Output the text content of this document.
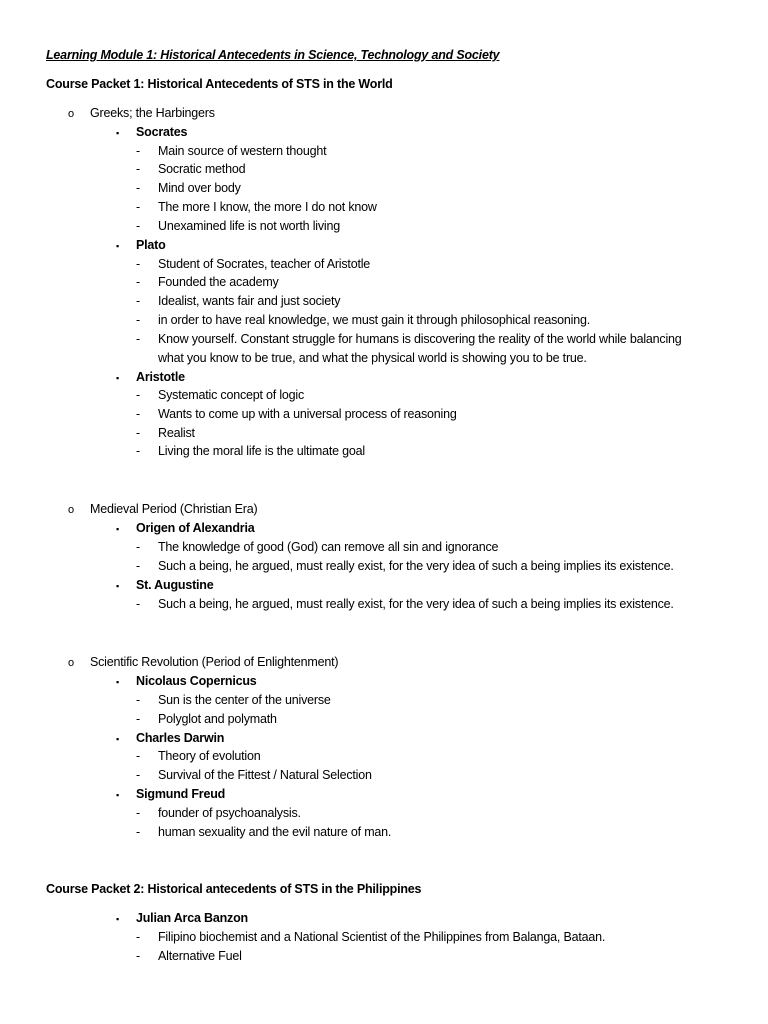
Learning Module 1: Historical Antecedents in Science, Technology and Society
Course Packet 1: Historical Antecedents of STS in the World
o Greeks; the Harbingers
▪ Socrates
- Main source of western thought
- Socratic method
- Mind over body
- The more I know, the more I do not know
- Unexamined life is not worth living
▪ Plato
- Student of Socrates, teacher of Aristotle
- Founded the academy
- Idealist, wants fair and just society
- in order to have real knowledge, we must gain it through philosophical reasoning.
- Know yourself. Constant struggle for humans is discovering the reality of the world while balancing
what you know to be true, and what the physical world is showing you to be true.
▪ Aristotle
- Systematic concept of logic
- Wants to come up with a universal process of reasoning
- Realist
- Living the moral life is the ultimate goal
o Medieval Period (Christian Era)
▪ Origen of Alexandria
- The knowledge of good (God) can remove all sin and ignorance
- Such a being, he argued, must really exist, for the very idea of such a being implies its existence.
▪ St. Augustine
- Such a being, he argued, must really exist, for the very idea of such a being implies its existence.
o Scientific Revolution (Period of Enlightenment)
▪ Nicolaus Copernicus
- Sun is the center of the universe
- Polyglot and polymath
▪ Charles Darwin
- Theory of evolution
- Survival of the Fittest / Natural Selection
▪ Sigmund Freud
- founder of psychoanalysis.
- human sexuality and the evil nature of man.
Course Packet 2: Historical antecedents of STS in the Philippines
▪ Julian Arca Banzon
- Filipino biochemist and a National Scientist of the Philippines from Balanga, Bataan.
- Alternative Fuel
